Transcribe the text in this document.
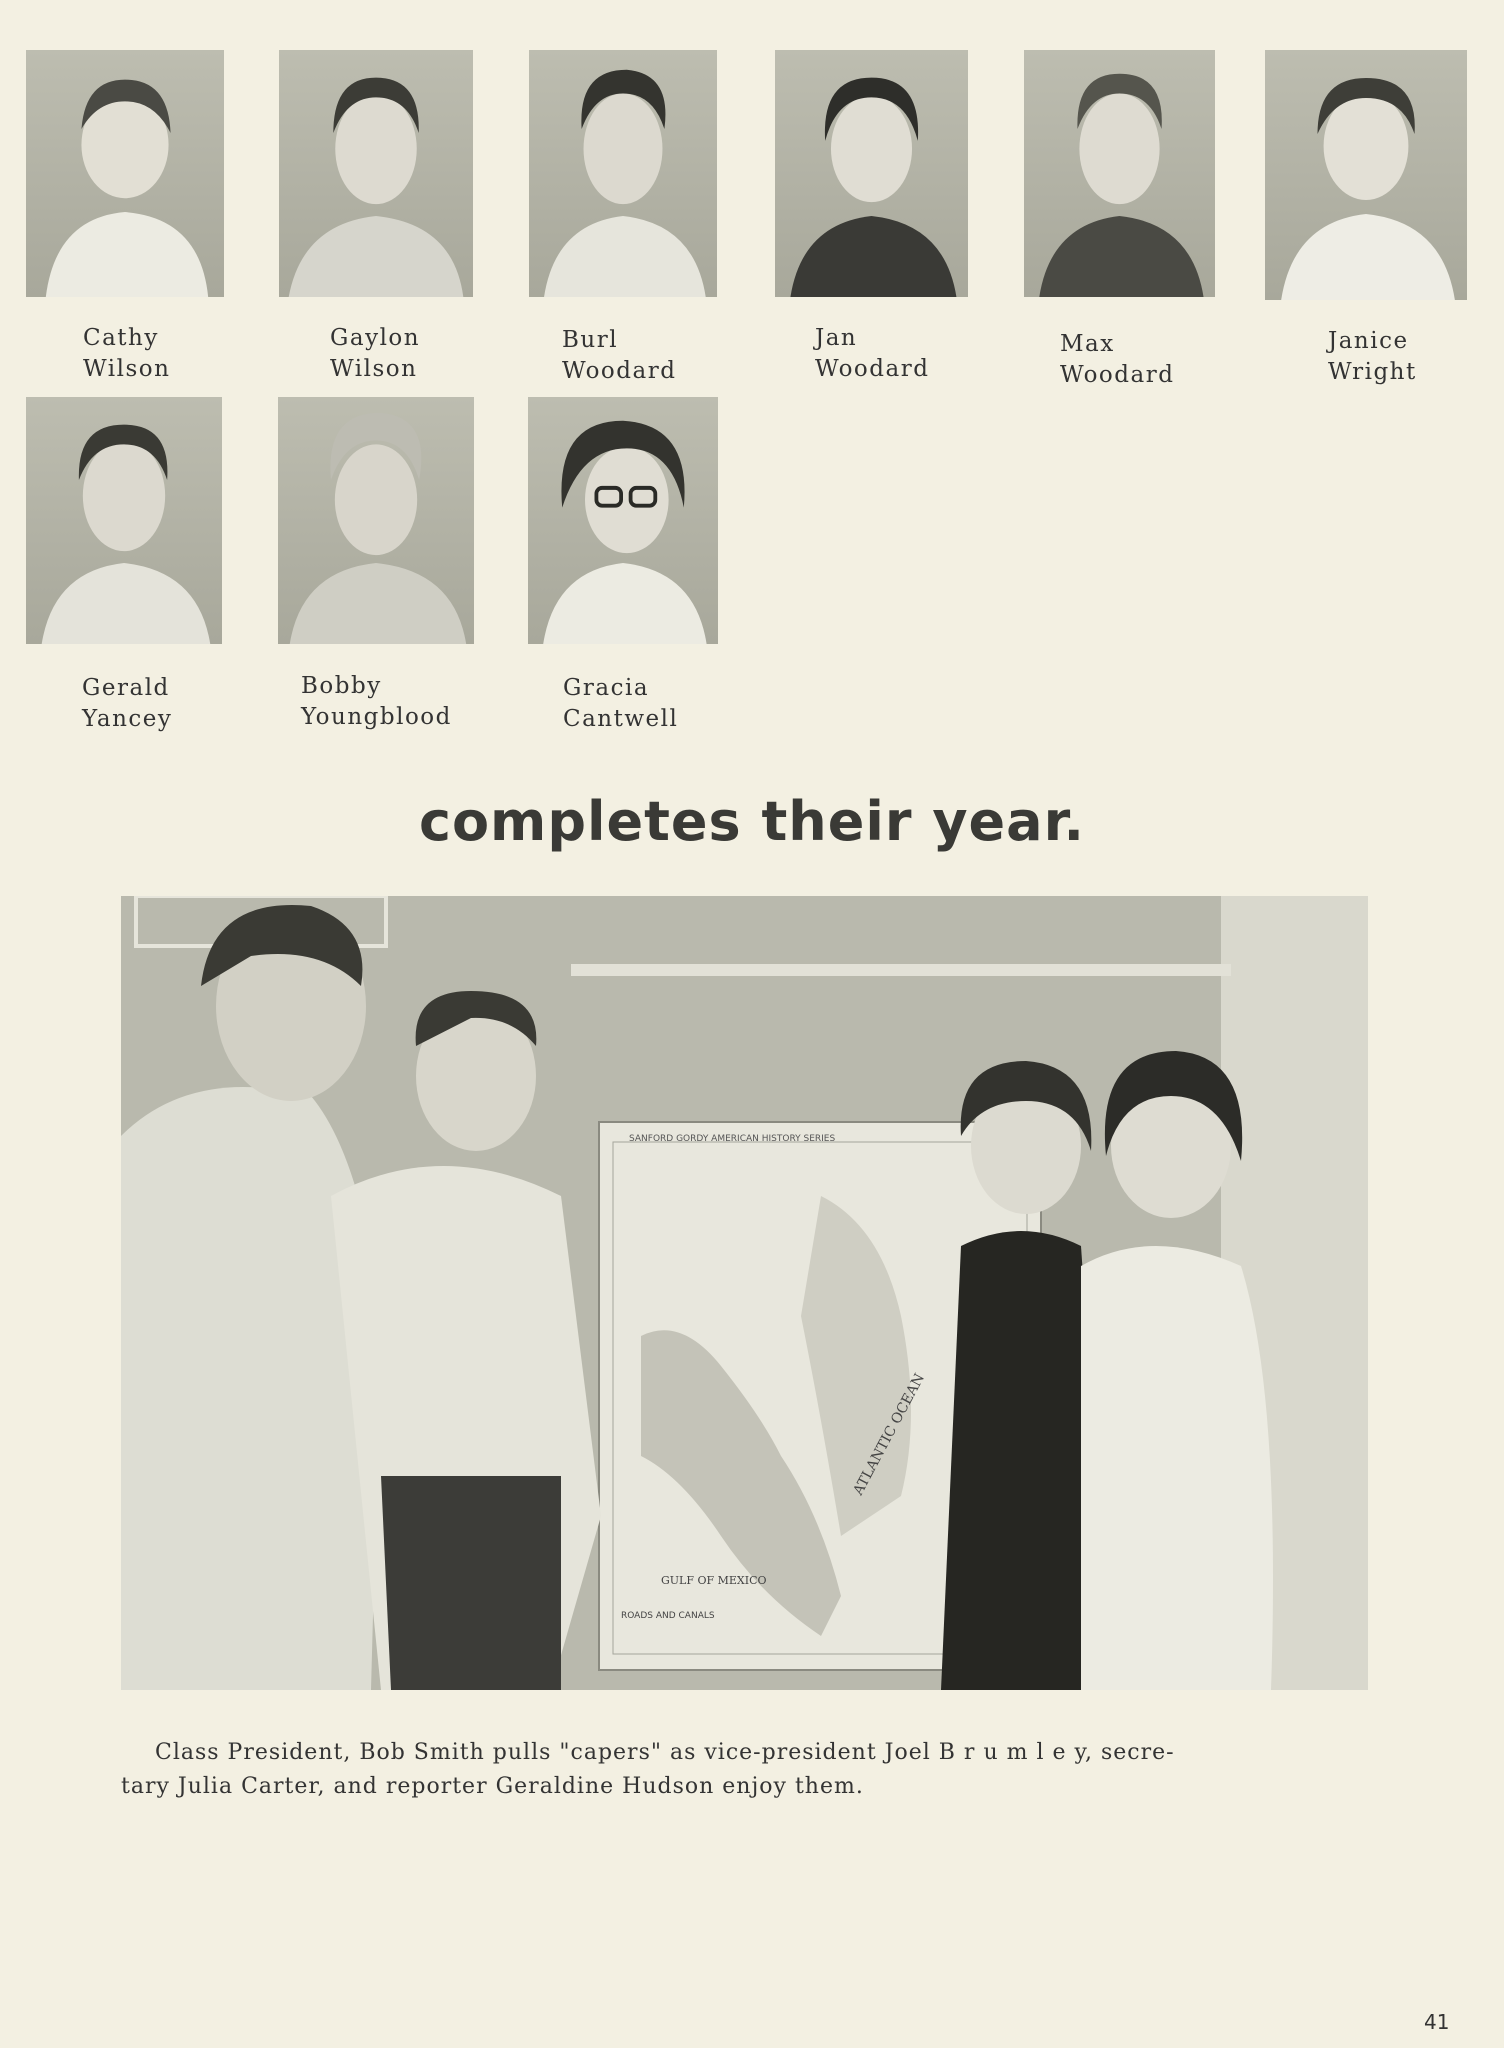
Cathy
Wilson
Gaylon
Wilson
Burl
Woodard
Jan
Woodard
Max
Woodard
Janice
Wright
Gerald
Yancey
Bobby
Youngblood
Gracia
Cantwell
completes their year.
SANFORD GORDY AMERICAN HISTORY SERIES
GULF OF MEXICO
ATLANTIC OCEAN
ROADS AND CANALS

Class President, Bob Smith pulls "capers" as vice-president Joel B r u m l e y, secre-

tary Julia Carter, and reporter Geraldine Hudson enjoy them.

41
